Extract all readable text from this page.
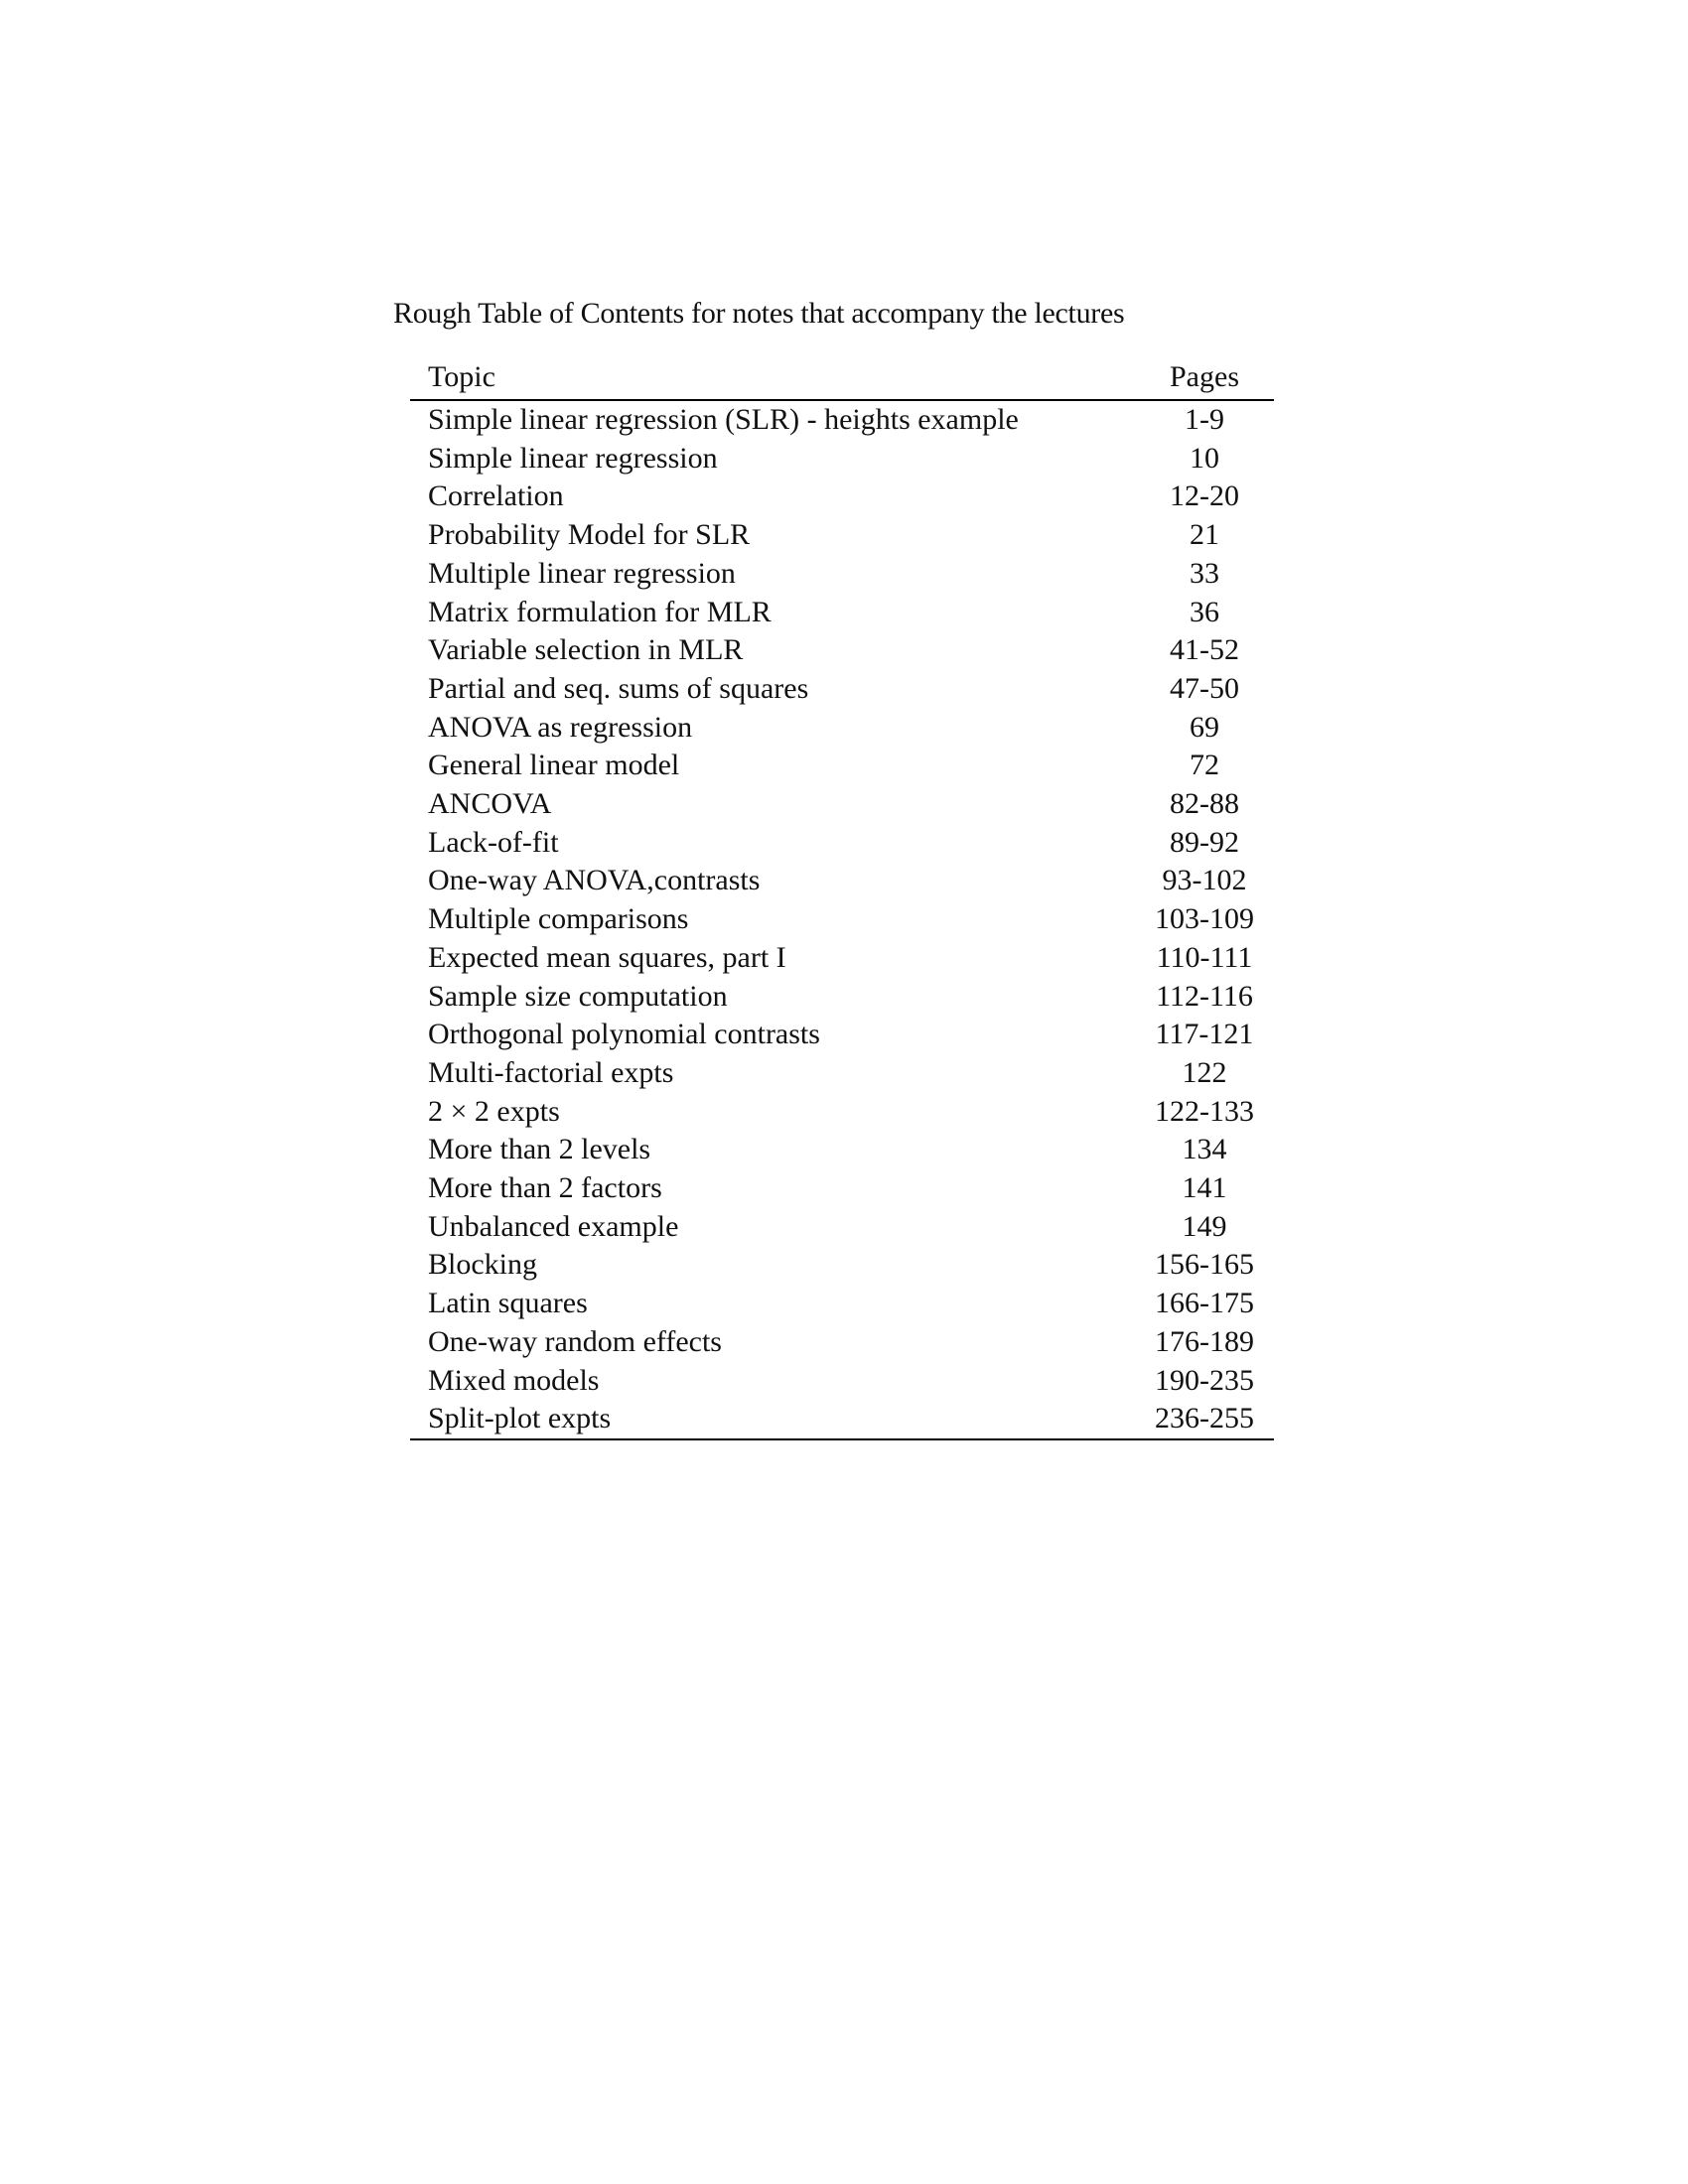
Rough Table of Contents for notes that accompany the lectures
Topic	Pages
Simple linear regression (SLR) - heights example	1-9
Simple linear regression	10
Correlation	12-20
Probability Model for SLR	21
Multiple linear regression	33
Matrix formulation for MLR	36
Variable selection in MLR	41-52
Partial and seq. sums of squares	47-50
ANOVA as regression	69
General linear model	72
ANCOVA	82-88
Lack-of-fit	89-92
One-way ANOVA,contrasts	93-102
Multiple comparisons	103-109
Expected mean squares, part I	110-111
Sample size computation	112-116
Orthogonal polynomial contrasts	117-121
Multi-factorial expts	122
2 × 2 expts	122-133
More than 2 levels	134
More than 2 factors	141
Unbalanced example	149
Blocking	156-165
Latin squares	166-175
One-way random effects	176-189
Mixed models	190-235
Split-plot expts	236-255
